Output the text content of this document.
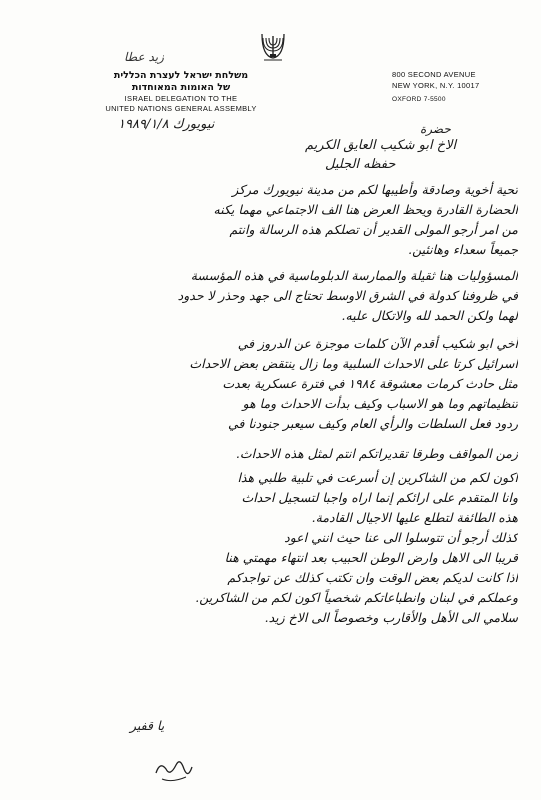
زيد عطا
משלחת ישראל לעצרת הכללית
של האומות המאוחדות
ISRAEL DELEGATION TO THE
UNITED NATIONS GENERAL ASSEMBLY
800 SECOND AVENUE
NEW YORK, N.Y. 10017
OXFORD 7-5500
نيويورك ١٩٨٩/١/٨	حضرة
الاخ ابو شكيب العايق الكريم
حفظه الجليل
تحية أخوية وصادقة وأطيبها لكم من مدينة نيويورك مركز
الحضارة القادرة ويحظ العرض هنا الف الاجتماعي مهما يكنه
من امر أرجو المولى القدير أن تصلكم هذه الرسالة وانتم
جميعاً سعداء وهانئين.
المسؤوليات هنا ثقيلة والممارسة الدبلوماسية في هذه المؤسسة
في ظروفنا كدولة في الشرق الاوسط تحتاج الى جهد وحذر لا حدود
لهما ولكن الحمد لله والاتكال عليه.
أخي ابو شكيب أقدم الآن كلمات موجزة عن الدروز في
اسرائيل كرتا على الاحداث السلبية وما زال ينتقض بعض الاحداث
مثل حادث كرمات معشوقة ١٩٨٤ في فترة عسكرية بعدت
تنظيماتهم وما هو الاسباب وكيف بدأت الاحداث وما هو
ردود فعل السلطات والرأي العام وكيف سيعبر جنودنا في
زمن المواقف وطرقا تقديراتكم انتم لمثل هذه الاحداث.
اكون لكم من الشاكرين إن أسرعت في تلبية طلبي هذا
وانا المتقدم على ارائكم إنما اراه واجبا لتسجيل احداث
هذه الطائفة لتطلع عليها الاجيال القادمة.
كذلك أرجو أن تتوسلوا الى عنا حيث انني اعود
قريبا الى الاهل وارض الوطن الحبيب بعد انتهاء مهمتي هنا
اذا كانت لديكم بعض الوقت وان تكتب كذلك عن تواجدكم
وعملكم في لبنان وانطباعاتكم شخصياً اكون لكم من الشاكرين.
سلامي الى الأهل والأقارب وخصوصاً الى الاخ زيد.
يا قفير
